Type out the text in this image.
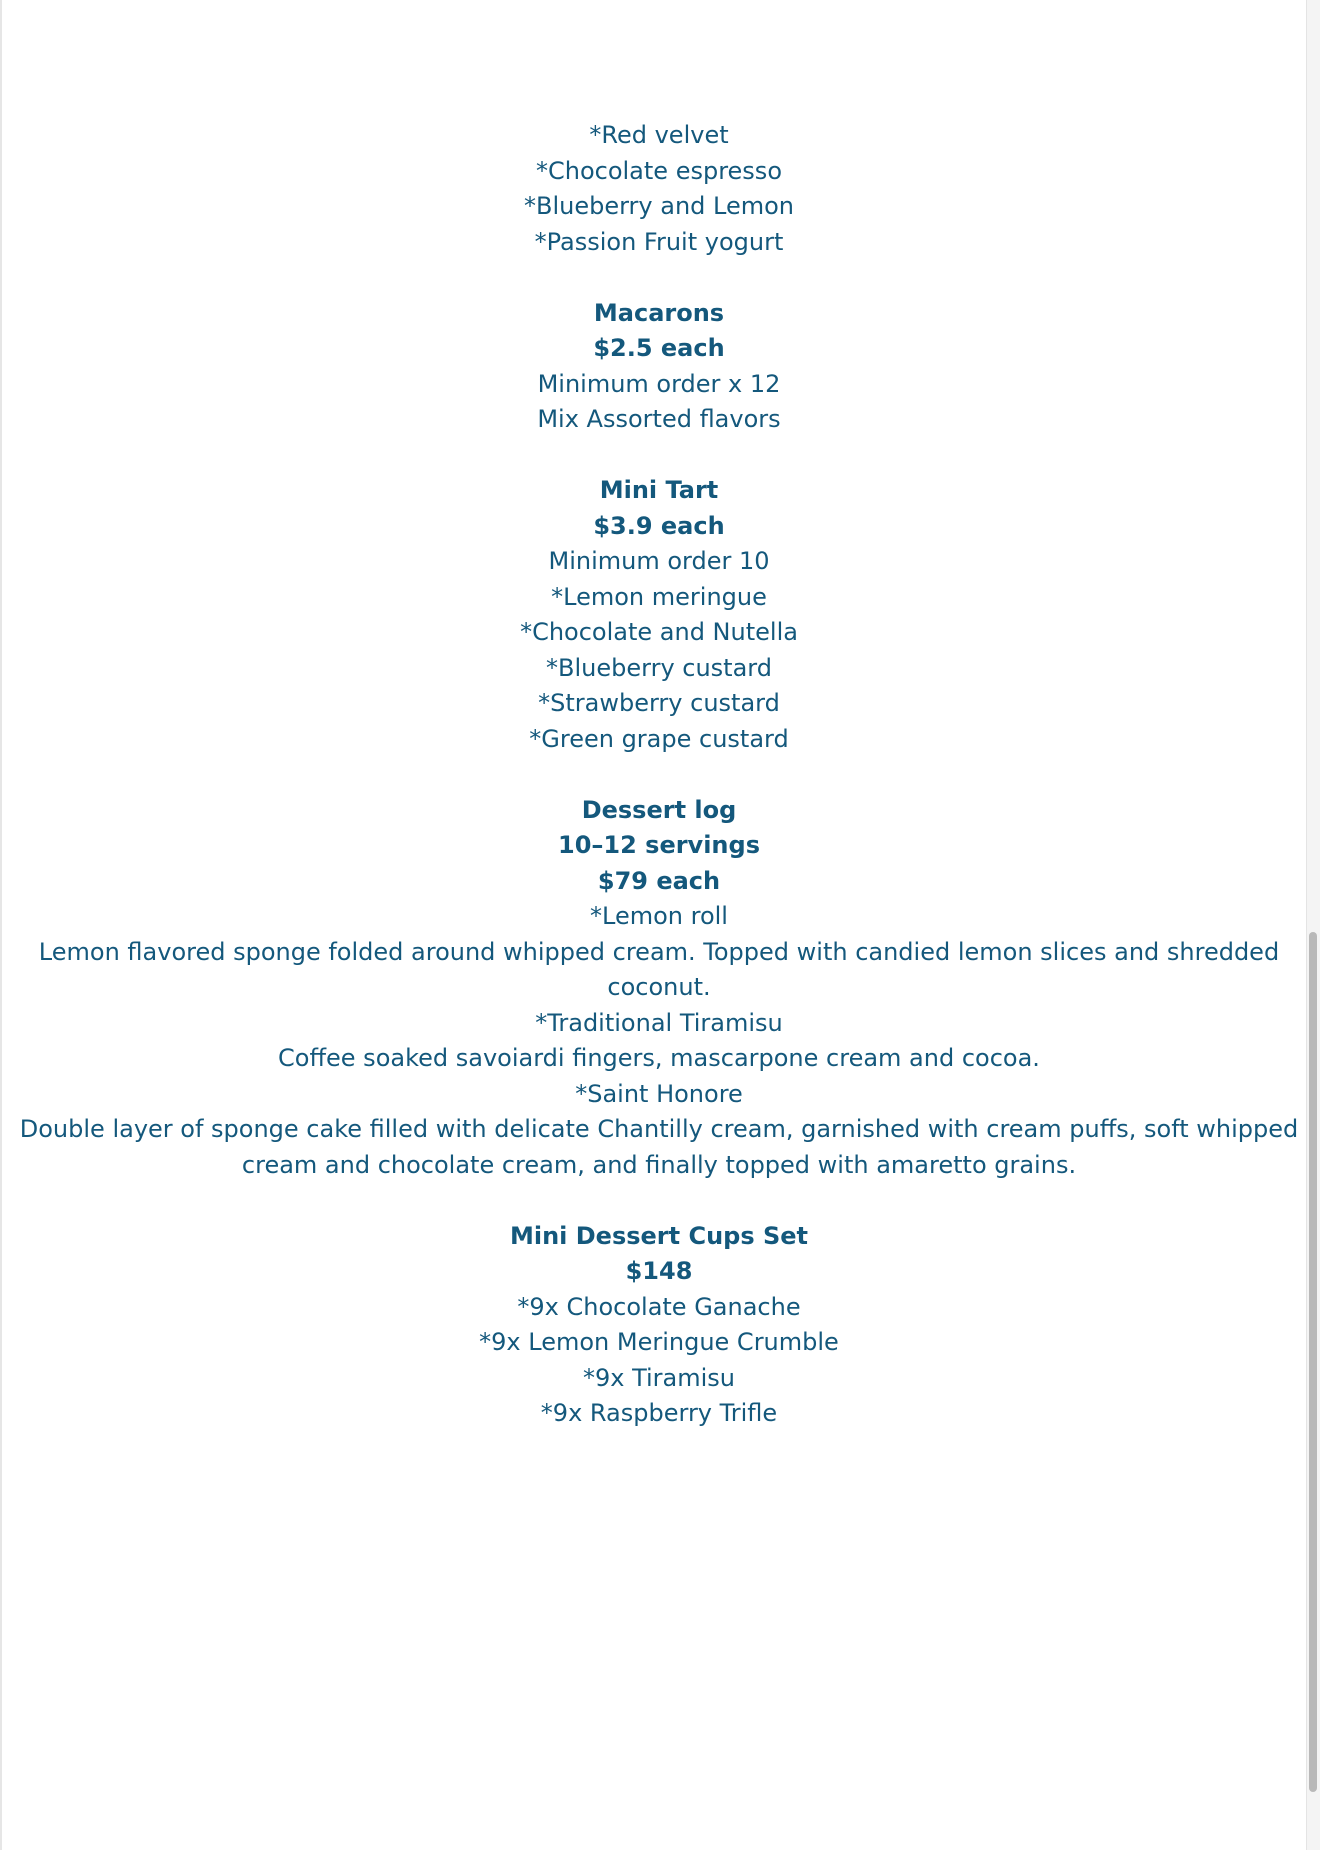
*Red velvet
*Chocolate espresso
*Blueberry and Lemon
*Passion Fruit yogurt
Macarons
$2.5 each
Minimum order x 12
Mix Assorted flavors
Mini Tart
$3.9 each
Minimum order 10
*Lemon meringue
*Chocolate and Nutella
*Blueberry custard
*Strawberry custard
*Green grape custard
Dessert log
10–12 servings
$79 each
*Lemon roll
Lemon flavored sponge folded around whipped cream. Topped with candied lemon slices and shredded coconut.
*Traditional Tiramisu
Coffee soaked savoiardi fingers, mascarpone cream and cocoa.
*Saint Honore
Double layer of sponge cake filled with delicate Chantilly cream, garnished with cream puffs, soft whipped cream and chocolate cream, and finally topped with amaretto grains.
Mini Dessert Cups Set
$148
*9x Chocolate Ganache
*9x Lemon Meringue Crumble
*9x Tiramisu
*9x Raspberry Trifle
